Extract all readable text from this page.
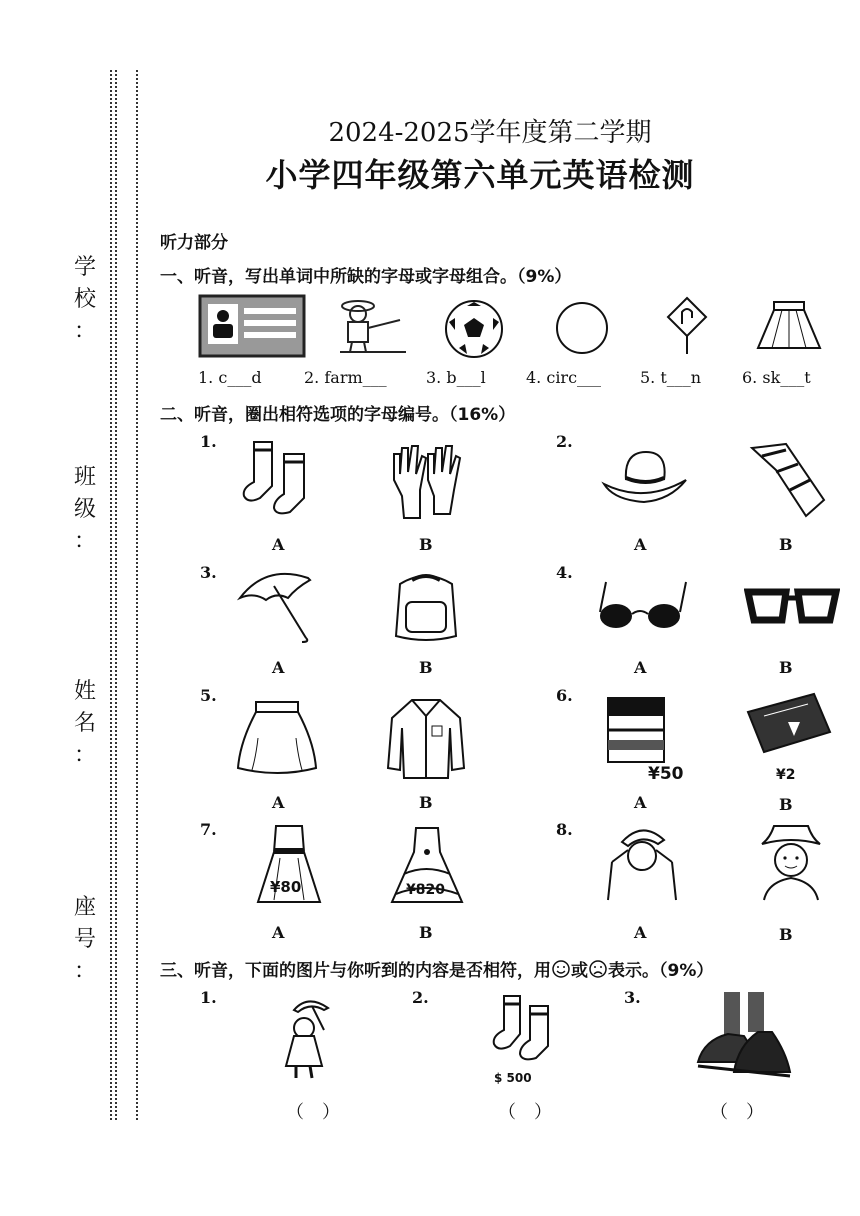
学
校
：
班
级
：
姓
名
：
座
号
：
2024-2025学年度第二学期
小学四年级第六单元英语检测
听力部分
一、听音，写出单词中所缺的字母或字母组合。（9%）
1. c___d	2. farm___ 3. b___l	4. circ___ 5. t___n	6. sk___t
二、听音，圈出相符选项的字母编号。（16%）
1.	2.
3.	4.
5.	6.
7.	8.
¥50	¥2
¥80	¥820
A	B	A	B
A	B	A	B
A	B	A	B
A	B	A	B
三、听音，下面的图片与你听到的内容是否相符，用 或 表示。（9%）
1.	2.	3.
$ 500
（　）	（　）	（　）
